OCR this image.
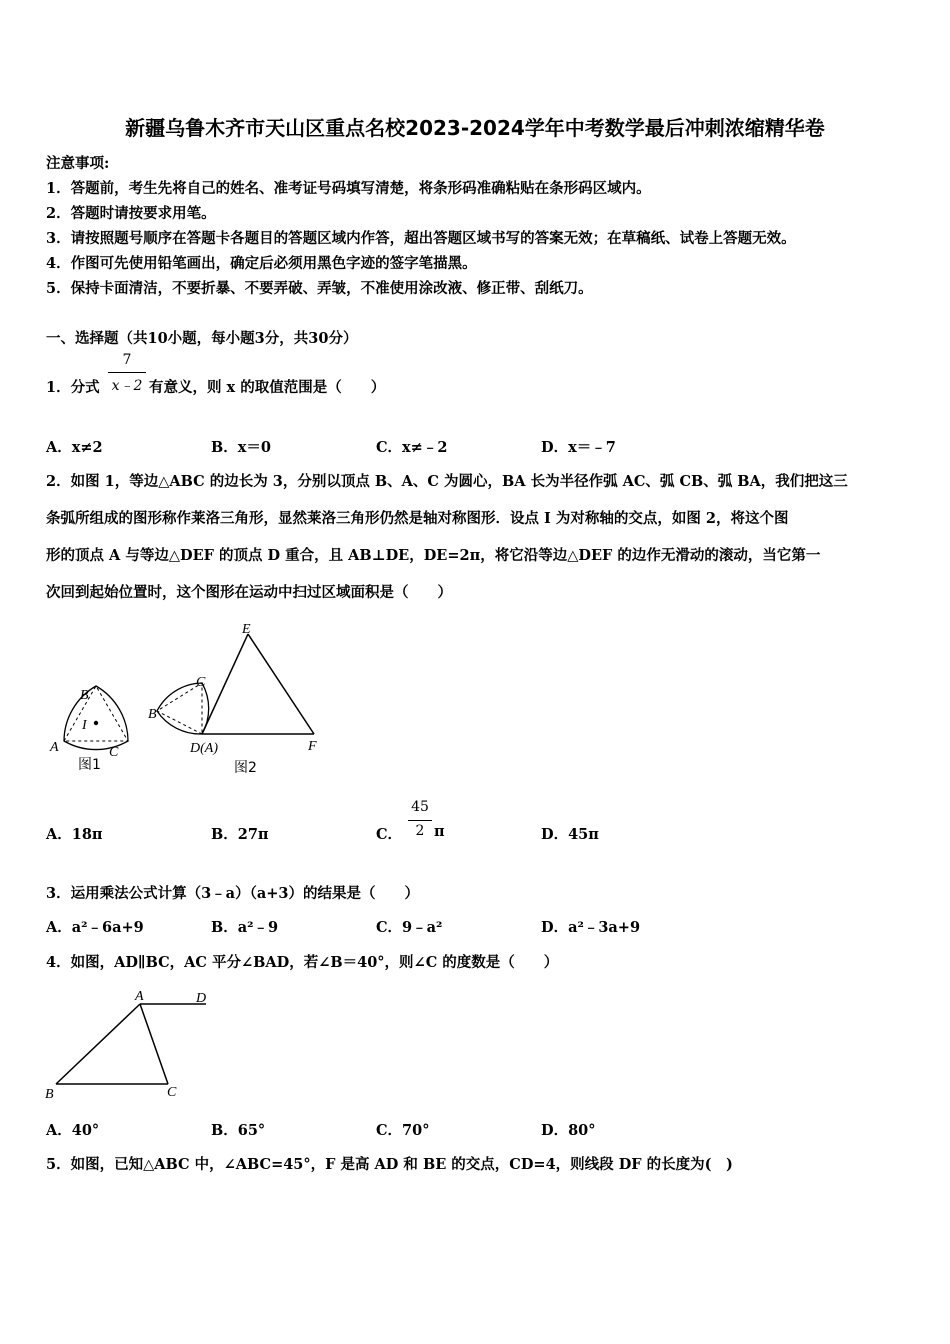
新疆乌鲁木齐市天山区重点名校2023-2024学年中考数学最后冲刺浓缩精华卷
注意事项:
1．答题前，考生先将自己的姓名、准考证号码填写清楚，将条形码准确粘贴在条形码区域内。
2．答题时请按要求用笔。
3．请按照题号顺序在答题卡各题目的答题区域内作答，超出答题区域书写的答案无效；在草稿纸、试卷上答题无效。
4．作图可先使用铅笔画出，确定后必须用黑色字迹的签字笔描黑。
5．保持卡面清洁，不要折暴、不要弄破、弄皱，不准使用涂改液、修正带、刮纸刀。
一、选择题（共10小题，每小题3分，共30分）
1．分式
7
x﹣2 有意义，则 x 的取值范围是（　　）
A．x≠2	B．x＝0	C．x≠﹣2	D．x＝﹣7
2．如图 1，等边△ABC 的边长为 3，分别以顶点 B、A、C 为圆心，BA 长为半径作弧 AC、弧 CB、弧 BA，我们把这三
条弧所组成的图形称作莱洛三角形，显然莱洛三角形仍然是轴对称图形．设点 I 为对称轴的交点，如图 2，将这个图
形的顶点 A 与等边△DEF 的顶点 D 重合，且 AB⊥DE，DE=2π，将它沿等边△DEF 的边作无滑动的滚动，当它第一
次回到起始位置时，这个图形在运动中扫过区域面积是（　　）
B
A	C
I
图1
E
F
D(A)
B
C
图2
A．18π	B．27π	C．
45
2 π	D．45π
3．运用乘法公式计算（3﹣a）（a+3）的结果是（　　）
A．a²﹣6a+9	B．a²﹣9	C．9﹣a²	D．a²﹣3a+9
4．如图，AD∥BC，AC 平分∠BAD，若∠B＝40°，则∠C 的度数是（　　）
A	D
B	C
A．40°	B．65°	C．70°	D．80°
5．如图，已知△ABC 中，∠ABC=45°，F 是高 AD 和 BE 的交点，CD=4，则线段 DF 的长度为(　)
